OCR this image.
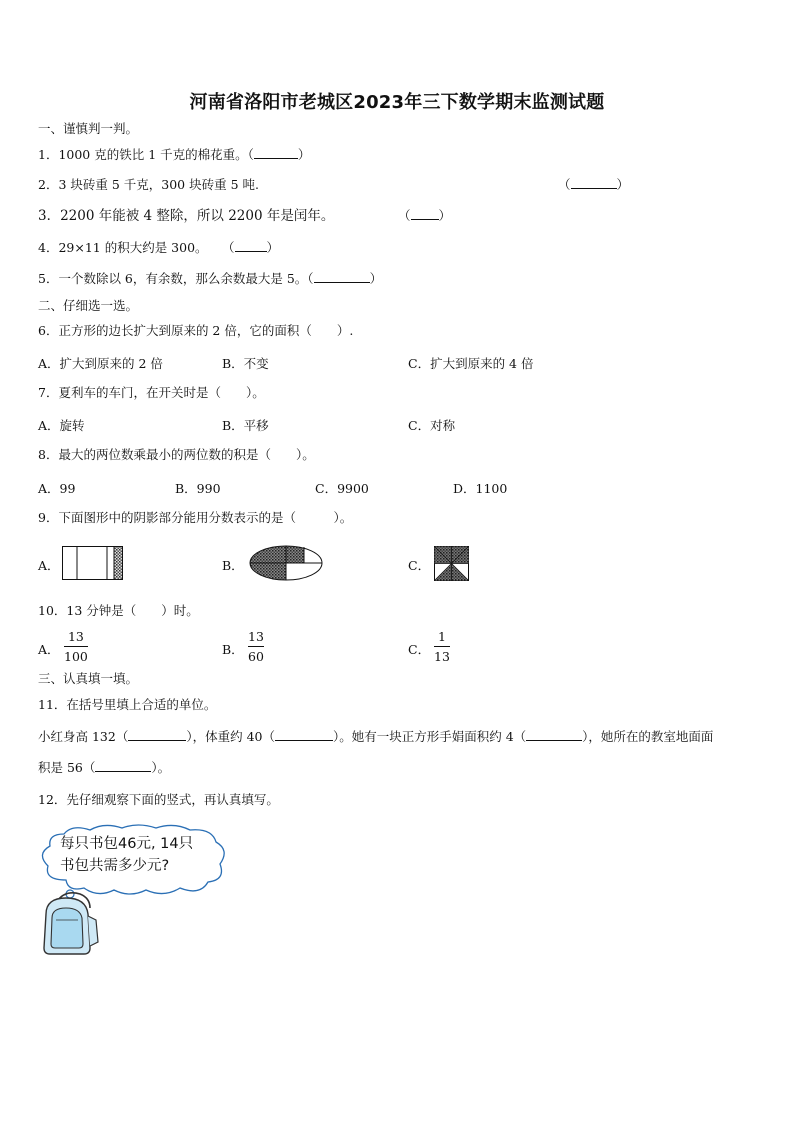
河南省洛阳市老城区2023年三下数学期末监测试题
一、谨慎判一判。
1．1000 克的铁比 1 千克的棉花重。（	）
2．3 块砖重 5 千克，300 块砖重 5 吨.	（	）
3．2200 年能被 4 整除，所以 2200 年是闰年。	（ ）
4．29×11 的积大约是 300。 （	）
5．一个数除以 6，有余数，那么余数最大是 5。（	）
二、仔细选一选。
6．正方形的边长扩大到原来的 2 倍，它的面积（　　）.
A．扩大到原来的 2 倍	B．不变	C．扩大到原来的 4 倍
7．夏利车的车门，在开关时是（　　）。
A．旋转	B．平移	C．对称
8．最大的两位数乘最小的两位数的积是（　　）。
A．99	B．990	C．9900	D．1100
9．下面图形中的阴影部分能用分数表示的是（　　　）。
A．	B．	C．
10．13 分钟是（　　）时。
A．
13
100	B．
13
60	C．
1
13
三、认真填一填。
11．在括号里填上合适的单位。
小红身高 132（	），体重约 40（	）。她有一块正方形手娟面积约 4（	），她所在的教室地面面
积是 56（	）。
12．先仔细观察下面的竖式，再认真填写。
每只书包46元, 14只
书包共需多少元?
